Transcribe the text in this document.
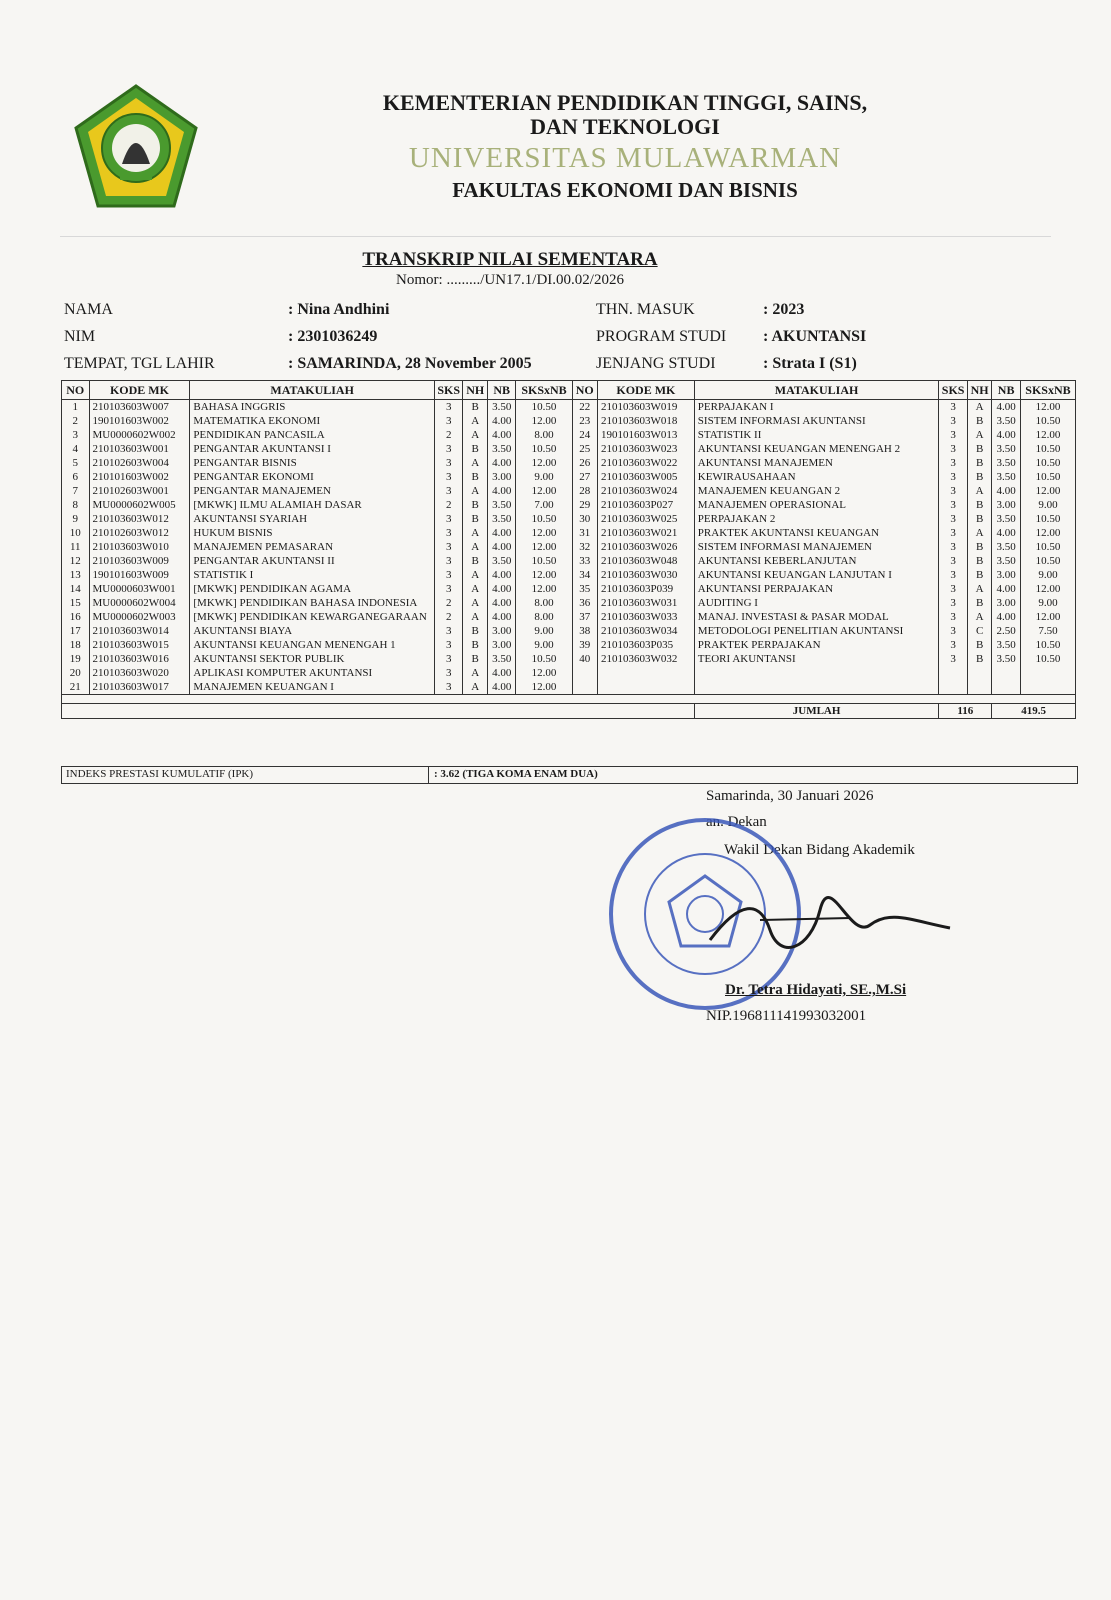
KEMENTERIAN PENDIDIKAN TINGGI, SAINS,
DAN TEKNOLOGI
UNIVERSITAS MULAWARMAN
FAKULTAS EKONOMI DAN BISNIS
TRANSKRIP NILAI SEMENTARA
Nomor: ........./UN17.1/DI.00.02/2026
NAMA	: Nina Andhini
NIM	: 2301036249
TEMPAT, TGL LAHIR	: SAMARINDA, 28 November 2005
THN. MASUK	: 2023
PROGRAM STUDI : AKUNTANSI
JENJANG STUDI	: Strata I (S1)
NO	KODE MK	MATAKULIAH	SKS	NH	NB	SKSxNB	NO	KODE MK	MATAKULIAH	SKS	NH	NB	SKSxNB
1	210103603W007	BAHASA INGGRIS	3	B	3.50	10.50	22	210103603W019	PERPAJAKAN I	3	A	4.00	12.00
2	190101603W002	MATEMATIKA EKONOMI	3	A	4.00	12.00	23	210103603W018	SISTEM INFORMASI AKUNTANSI	3	B	3.50	10.50
3	MU0000602W002	PENDIDIKAN PANCASILA	2	A	4.00	8.00	24	190101603W013	STATISTIK II	3	A	4.00	12.00
4	210103603W001	PENGANTAR AKUNTANSI I	3	B	3.50	10.50	25	210103603W023	AKUNTANSI KEUANGAN MENENGAH 2	3	B	3.50	10.50
5	210102603W004	PENGANTAR BISNIS	3	A	4.00	12.00	26	210103603W022	AKUNTANSI MANAJEMEN	3	B	3.50	10.50
6	210101603W002	PENGANTAR EKONOMI	3	B	3.00	9.00	27	210103603W005	KEWIRAUSAHAAN	3	B	3.50	10.50
7	210102603W001	PENGANTAR MANAJEMEN	3	A	4.00	12.00	28	210103603W024	MANAJEMEN KEUANGAN 2	3	A	4.00	12.00
8	MU0000602W005	[MKWK] ILMU ALAMIAH DASAR	2	B	3.50	7.00	29	210103603P027	MANAJEMEN OPERASIONAL	3	B	3.00	9.00
9	210103603W012	AKUNTANSI SYARIAH	3	B	3.50	10.50	30	210103603W025	PERPAJAKAN 2	3	B	3.50	10.50
10	210102603W012	HUKUM BISNIS	3	A	4.00	12.00	31	210103603W021	PRAKTEK AKUNTANSI KEUANGAN	3	A	4.00	12.00
11	210103603W010	MANAJEMEN PEMASARAN	3	A	4.00	12.00	32	210103603W026	SISTEM INFORMASI MANAJEMEN	3	B	3.50	10.50
12	210103603W009	PENGANTAR AKUNTANSI II	3	B	3.50	10.50	33	210103603W048	AKUNTANSI KEBERLANJUTAN	3	B	3.50	10.50
13	190101603W009	STATISTIK I	3	A	4.00	12.00	34	210103603W030	AKUNTANSI KEUANGAN LANJUTAN I	3	B	3.00	9.00
14	MU0000603W001	[MKWK] PENDIDIKAN AGAMA	3	A	4.00	12.00	35	210103603P039	AKUNTANSI PERPAJAKAN	3	A	4.00	12.00
15	MU0000602W004	[MKWK] PENDIDIKAN BAHASA INDONESIA	2	A	4.00	8.00	36	210103603W031	AUDITING I	3	B	3.00	9.00
16	MU0000602W003	[MKWK] PENDIDIKAN KEWARGANEGARAAN	2	A	4.00	8.00	37	210103603W033	MANAJ. INVESTASI & PASAR MODAL	3	A	4.00	12.00
17	210103603W014	AKUNTANSI BIAYA	3	B	3.00	9.00	38	210103603W034	METODOLOGI PENELITIAN AKUNTANSI	3	C	2.50	7.50
18	210103603W015	AKUNTANSI KEUANGAN MENENGAH 1	3	B	3.00	9.00	39	210103603P035	PRAKTEK PERPAJAKAN	3	B	3.50	10.50
19	210103603W016	AKUNTANSI SEKTOR PUBLIK	3	B	3.50	10.50	40	210103603W032	TEORI AKUNTANSI	3	B	3.50	10.50
20	210103603W020	APLIKASI KOMPUTER AKUNTANSI	3	A	4.00	12.00							
21	210103603W017	MANAJEMEN KEUANGAN I	3	A	4.00	12.00							

									JUMLAH	116		419.5	
INDEKS PRESTASI KUMULATIF (IPK)	: 3.62 (TIGA KOMA ENAM DUA)
Samarinda, 30 Januari 2026
an. Dekan
Wakil Dekan Bidang Akademik
Dr. Tetra Hidayati, SE.,M.Si
NIP.196811141993032001
